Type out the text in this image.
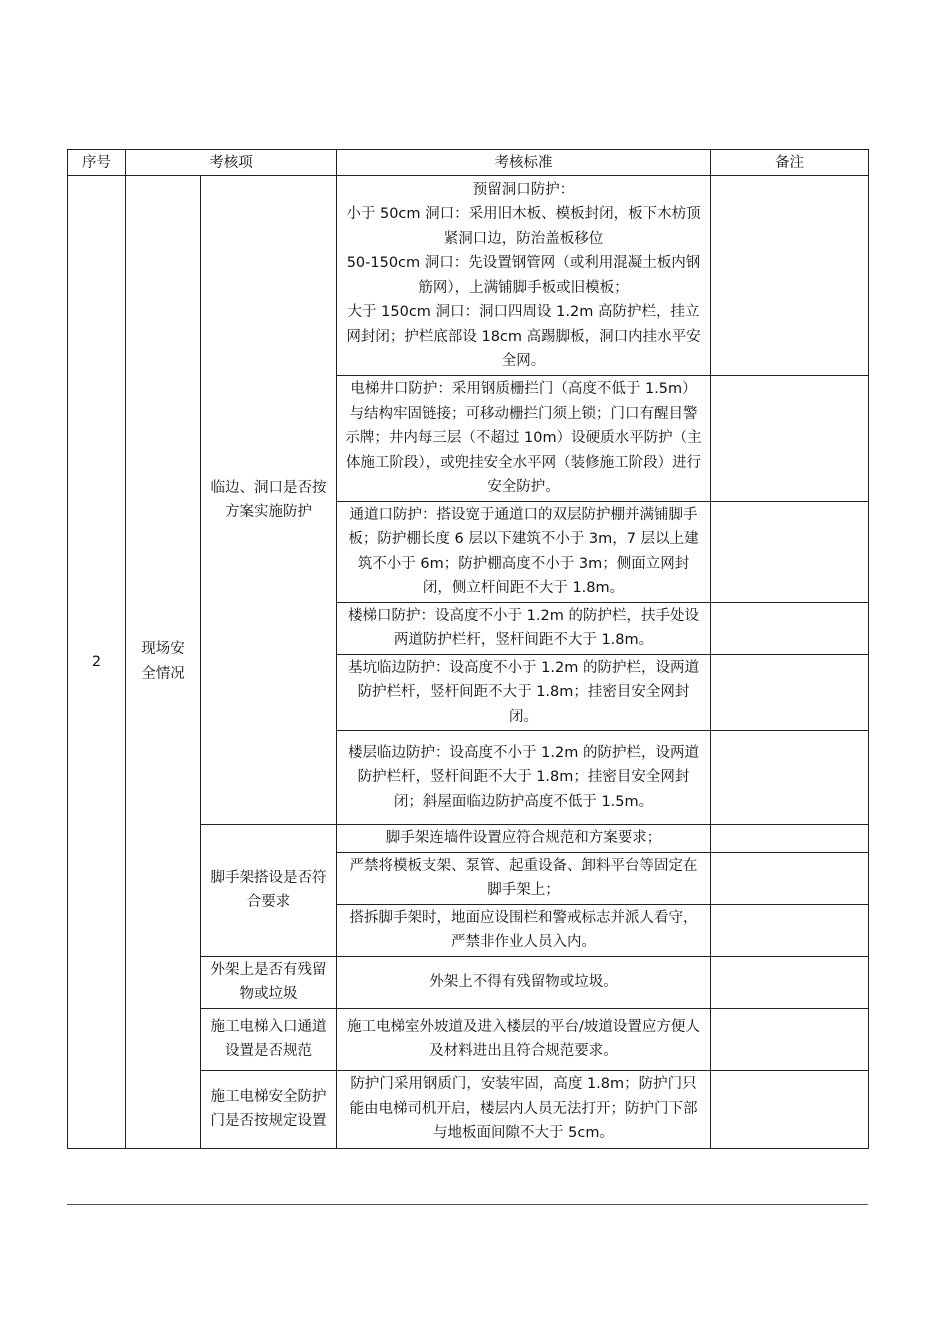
序号	考核项		考核标准	备注
2	现场安全情况	临边、洞口是否按方案实施防护	预留洞口防护：
小于 50cm 洞口：采用旧木板、模板封闭，板下木枋顶紧洞口边，防治盖板移位
50-150cm 洞口：先设置钢管网（或利用混凝土板内钢筋网），上满铺脚手板或旧模板；
大于 150cm 洞口：洞口四周设 1.2m 高防护栏，挂立网封闭；护栏底部设 18cm 高踢脚板，洞口内挂水平安全网。	

			电梯井口防护：采用钢质栅拦门（高度不低于 1.5m）与结构牢固链接；可移动栅拦门须上锁；门口有醒目警示牌；井内每三层（不超过 10m）设硬质水平防护（主体施工阶段），或兜挂安全水平网（装修施工阶段）进行安全防护。	
			通道口防护：搭设宽于通道口的双层防护棚并满铺脚手板；防护棚长度 6 层以下建筑不小于 3m，7 层以上建筑不小于 6m；防护棚高度不小于 3m；侧面立网封闭，侧立杆间距不大于 1.8m。	
			楼梯口防护：设高度不小于 1.2m 的防护栏，扶手处设两道防护栏杆，竖杆间距不大于 1.8m。	
			基坑临边防护：设高度不小于 1.2m 的防护栏，设两道防护栏杆，竖杆间距不大于 1.8m；挂密目安全网封闭。	
			楼层临边防护：设高度不小于 1.2m 的防护栏，设两道防护栏杆，竖杆间距不大于 1.8m；挂密目安全网封闭；斜屋面临边防护高度不低于 1.5m。	
		脚手架搭设是否符合要求	脚手架连墙件设置应符合规范和方案要求；	
			严禁将模板支架、泵管、起重设备、卸料平台等固定在脚手架上；	
			搭拆脚手架时，地面应设围栏和警戒标志并派人看守，严禁非作业人员入内。	
		外架上是否有残留物或垃圾	外架上不得有残留物或垃圾。	
		施工电梯入口通道设置是否规范	施工电梯室外坡道及进入楼层的平台/坡道设置应方便人及材料进出且符合规范要求。	
		施工电梯安全防护门是否按规定设置	防护门采用钢质门，安装牢固，高度 1.8m；防护门只能由电梯司机开启，楼层内人员无法打开；防护门下部与地板面间隙不大于 5cm。	
